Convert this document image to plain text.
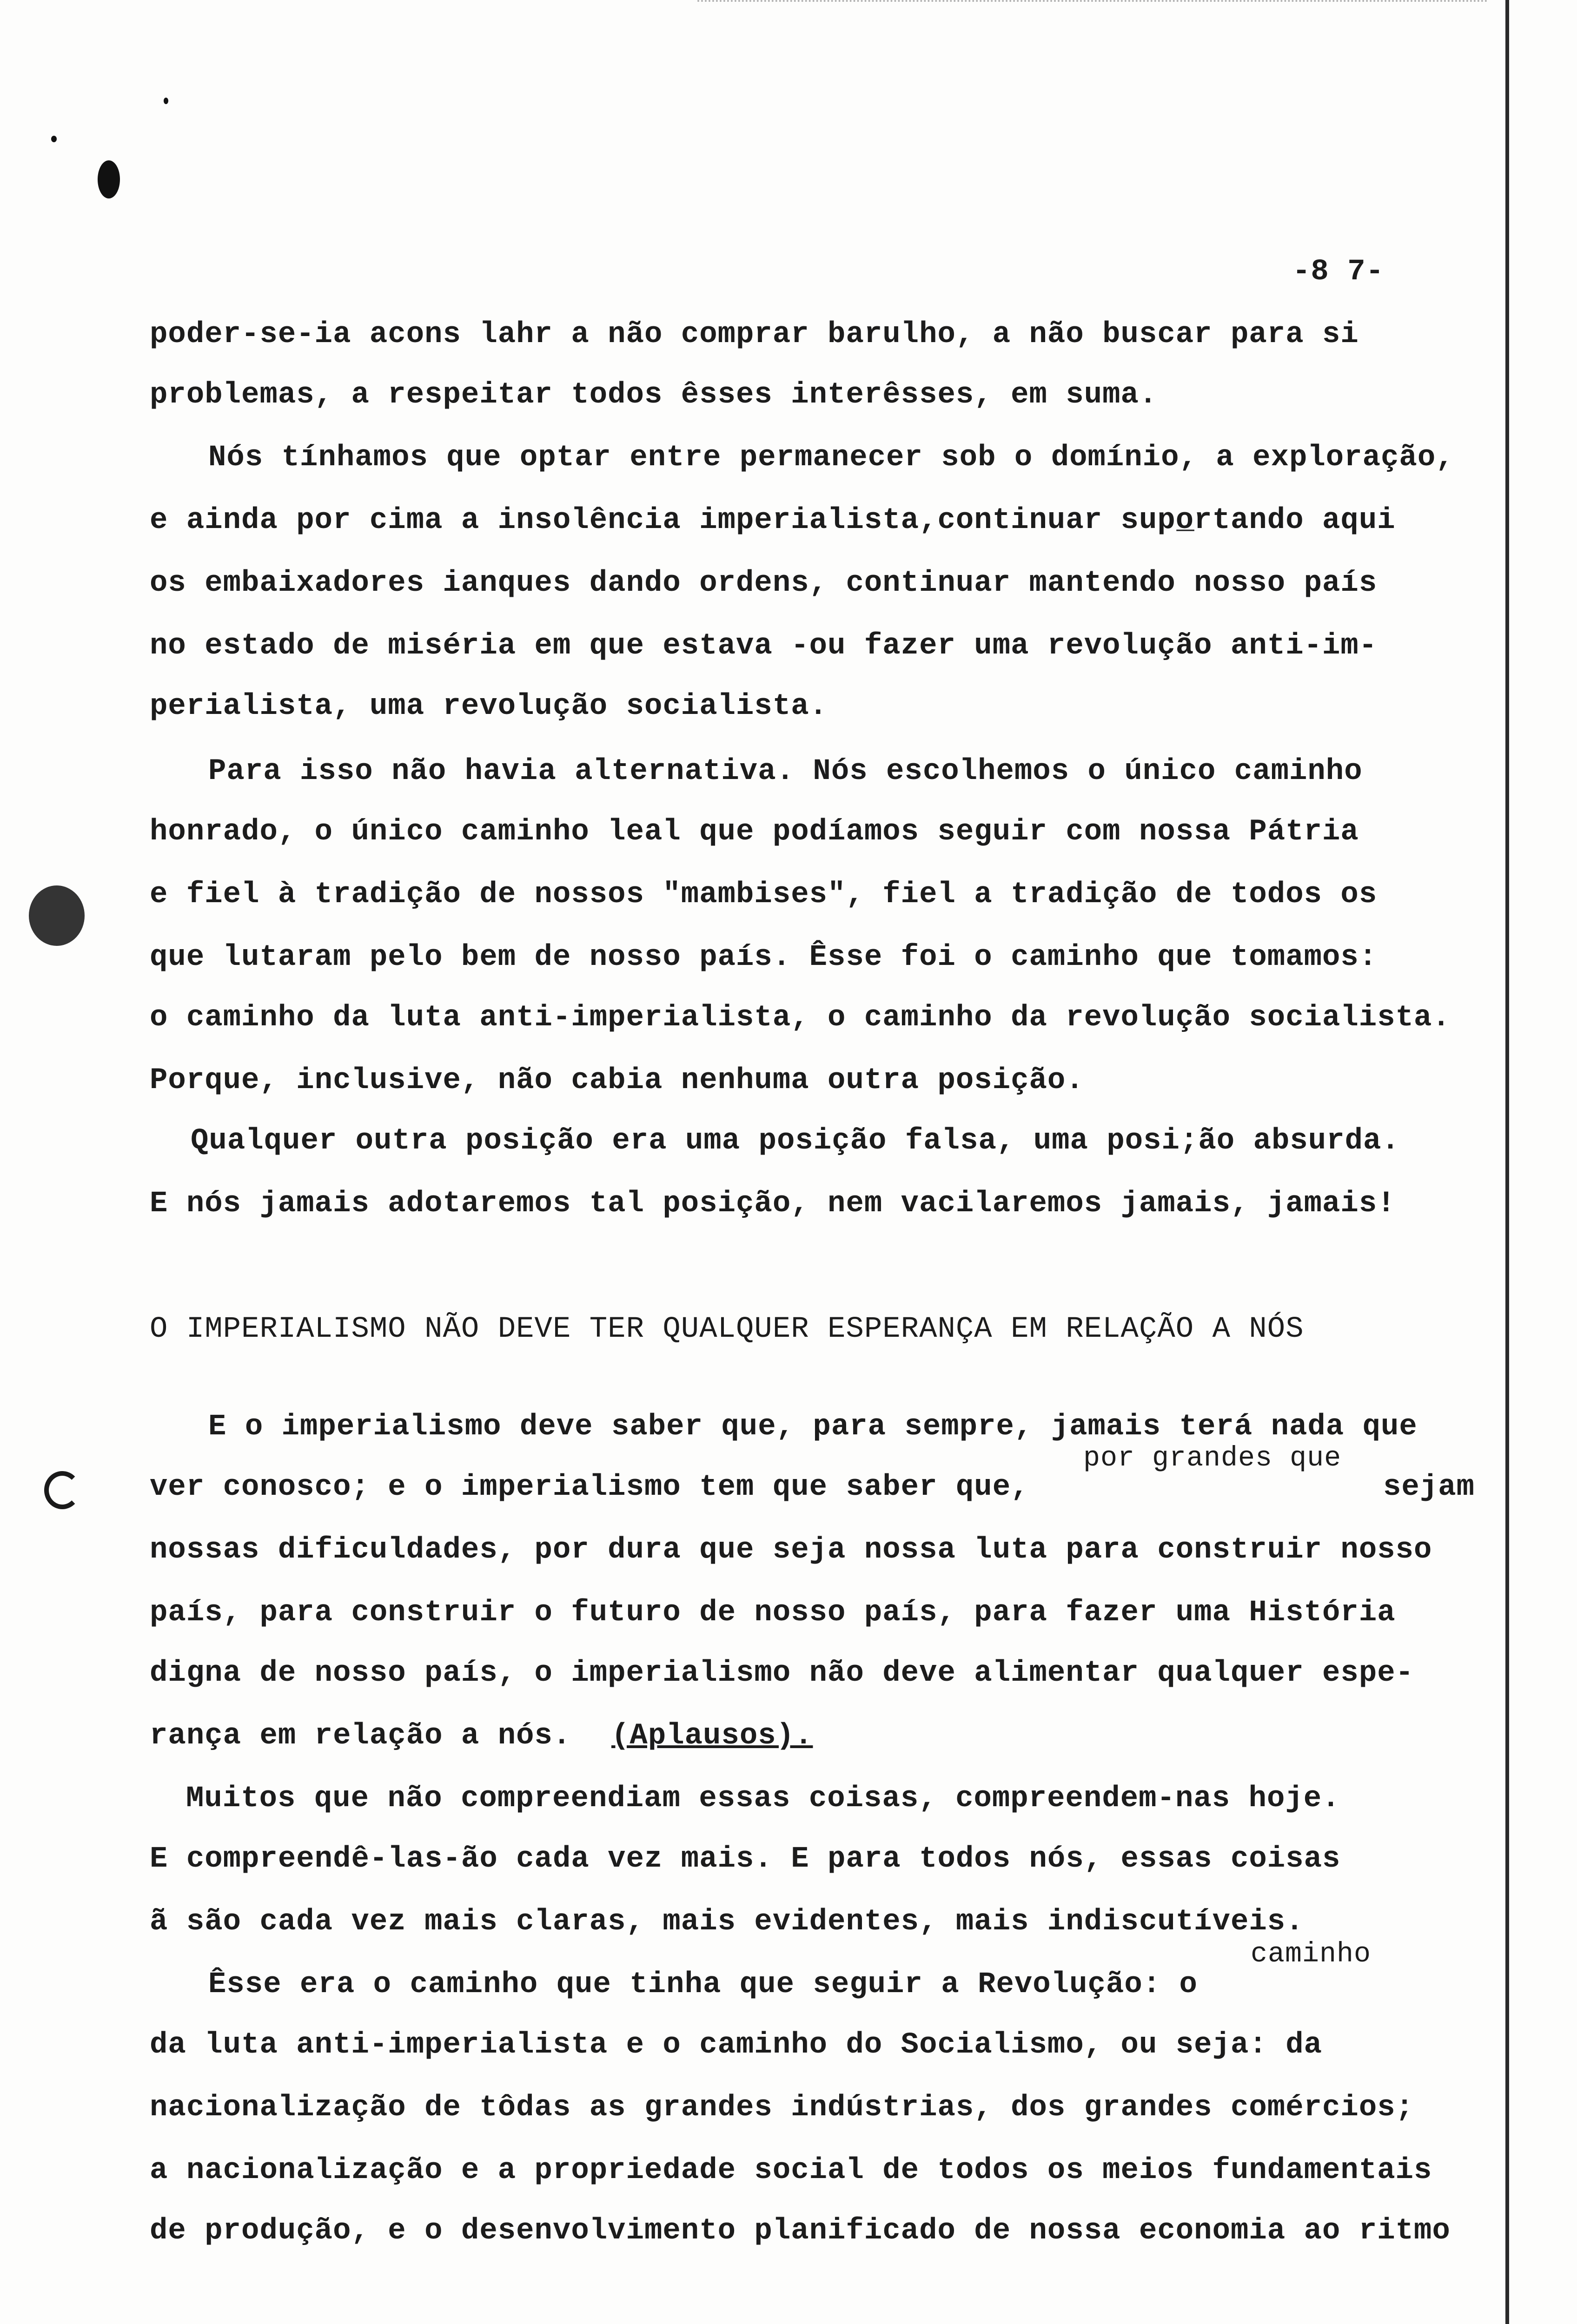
-8 7-
poder-se-ia acons lahr a não comprar barulho, a não buscar para si
problemas, a respeitar todos êsses interêsses, em suma.
Nós tínhamos que optar entre permanecer sob o domínio, a exploração,
e ainda por cima a insolência imperialista,continuar supo̲rtando aqui
os embaixadores ianques dando ordens, continuar mantendo nosso país
no estado de miséria em que estava -ou fazer uma revolução anti-im-
perialista, uma revolução socialista.
Para isso não havia alternativa. Nós escolhemos o único caminho
honrado, o único caminho leal que podíamos seguir com nossa Pátria
e fiel à tradição de nossos "mambises", fiel a tradição de todos os
que lutaram pelo bem de nosso país. Êsse foi o caminho que tomamos:
o caminho da luta anti-imperialista, o caminho da revolução socialista.
Porque, inclusive, não cabia nenhuma outra posição.
Qualquer outra posição era uma posição falsa, uma posi;ão absurda.
E nós jamais adotaremos tal posição, nem vacilaremos jamais, jamais!
O IMPERIALISMO NÃO DEVE TER QUALQUER ESPERANÇA EM RELAÇÃO A NÓS
E o imperialismo deve saber que, para sempre, jamais terá nada que
por grandes que
ver conosco; e o imperialismo tem que saber que,	sejam
nossas dificuldades, por dura que seja nossa luta para construir nosso
país, para construir o futuro de nosso país, para fazer uma História
digna de nosso país, o imperialismo não deve alimentar qualquer espe-
rança em relação a nós. (Aplausos).
Muitos que não compreendiam essas coisas, compreendem-nas hoje.
E compreendê-las-ão cada vez mais. E para todos nós, essas coisas
ã são cada vez mais claras, mais evidentes, mais indiscutíveis.
caminho
Êsse era o caminho que tinha que seguir a Revolução: o
da luta anti-imperialista e o caminho do Socialismo, ou seja: da
nacionalização de tôdas as grandes indústrias, dos grandes comércios;
a nacionalização e a propriedade social de todos os meios fundamentais
de produção, e o desenvolvimento planificado de nossa economia ao ritmo
